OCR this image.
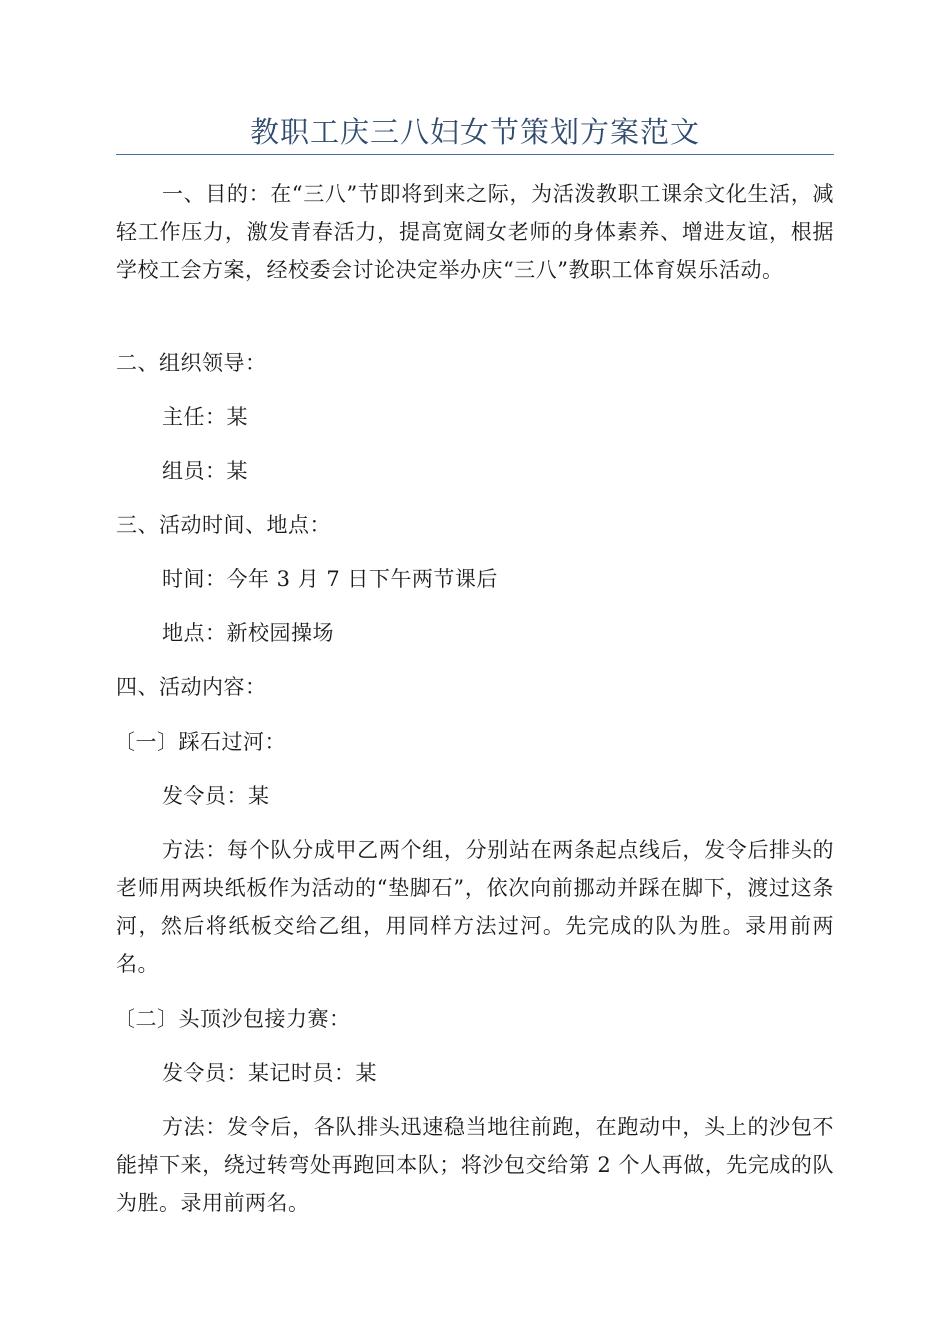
教职工庆三八妇女节策划方案范文

一、目的：在“三八”节即将到来之际，为活泼教职工课余文化生活，减轻工作压力，激发青春活力，提高宽阔女老师的身体素养、增进友谊，根据学校工会方案，经校委会讨论决定举办庆“三八”教职工体育娱乐活动。

二、组织领导：
主任：某
组员：某
三、活动时间、地点：
时间：今年 3 月 7 日下午两节课后
地点：新校园操场
四、活动内容：
〔一〕踩石过河：
发令员：某

方法：每个队分成甲乙两个组，分别站在两条起点线后，发令后排头的老师用两块纸板作为活动的“垫脚石”，依次向前挪动并踩在脚下，渡过这条河，然后将纸板交给乙组，用同样方法过河。先完成的队为胜。录用前两名。

〔二〕头顶沙包接力赛：
发令员：某记时员：某

方法：发令后，各队排头迅速稳当地往前跑，在跑动中，头上的沙包不能掉下来，绕过转弯处再跑回本队；将沙包交给第 2 个人再做，先完成的队为胜。录用前两名。
